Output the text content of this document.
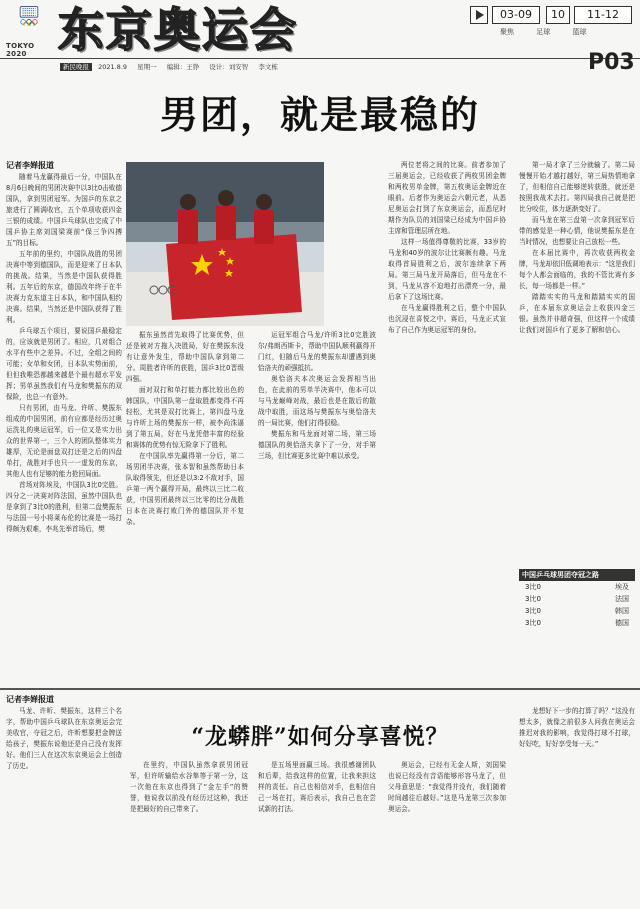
TOKYO 2020 东京奥运会	03-09	10	11-12
聚焦	足球	篮球
新民晚报 2021.8.9 星期一 编辑：王铮 设计：刘安智 李文栋	P03
男团，就是最稳的
记者李婵报道

随着马龙赢得最后一分，中国队在8月6日晚间的男团决赛中以3比0击败德国队，拿到男团冠军。为国乒的东京之旅进行了圆满收官，五个单项收获四金三银的成绩。中国乒乓球队也完成了中国乒协主席刘国梁赛前“保三争四搏五”的目标。

五年前的里约，中国队战胜的男团决赛中等到德国队，而是迎来了日本队的挑战。结果，当然是中国队获得胜利。五年后的东京，德国改年终于在半决赛力克东道主日本队，和中国队相约决赛。结果，当然还是中国队获得了胜利。

乒乓球五个项目，要说国乒最稳定的，应该就是男团了。相应，几对组合水平有些中之差异。不过，全组之间的可能；女单和女团，日本队实势面前，但但我唯恐都越来越是个最有超水平发挥；男单虽然我们有马龙和樊振东的双保险，也总一有意外。

只有男团，由马龙、许昕、樊振东组成的中国男团，前有应都是经历过奥运洗礼的奥运冠军，后一位又是实力出众的世界第一，三个人的团队整体实力雄厚，无论是面盘双打还是之后的四盘单打，战胜对手也只一一虚发的东京，其他人也有足够的能力抢回局面。

首场对阵埃及，中国队3比0完胜。四分之一决赛对阵法国，虽然中国队也是拿到了3比0的胜利，但第二盘樊振东与法国一号小将莱布伦的比赛是一场打得颇为艰难，李兆先举首场后，樊

振东虽然首先取得了比赛优势，但还是被对方拖入决胜局，好在樊振东没有让意外发生，帮助中国队拿到第二分。周胜者许昕的获胜，国乒3比0晋级四强。

面对双打和单打能力都比较出色的韩国队，中国队第一盘取胜都变得不再轻松，尤其是双打比赛上，第四盘马龙与许昕上场的樊振东一样，被李尚洙逼到了第五局，好在马龙凭借丰富的经验和赛体的优势有惊无险拿下了胜利。

在中国队率先赢得第一分后，第二场男团半决赛，张本智和虽然帮助日本队取得领先，但还是以3:2不敌对手，国乒第一两个赢得开局，最终以三比二收获，中国男团最终以三比零的比分战胜日本在决赛打败门外的德国队并不复杂。

运冠军组合马龙/许昕3比0完胜波尔/弗朗西斯卡，帮助中国队顺利赢得开门红，但随后马龙的樊振东却遭遇到奥恰洛夫的顽强抵抗。

奥恰洛夫本次奥运会发挥相当出色，在此前的男单半决赛中，他本可以与马龙巅峰对战，最后也是在散后的散战中取胜，而这场与樊振东与奥恰洛夫的一局比赛，他们打得很稳。

樊振东和马龙面对第二场，第三场德国队的奥恰洛夫拿下了一分，对手第三场，但比赛更多比赛中难以承受。

两位老将之间的比赛。前者参加了三届奥运会，已经收获了两枚男团金牌和两枚男单金牌，第五枚奥运金牌近在眼前。后者作为奥运会六朝元老，从悉尼奥运会打到了东京奥运会，而悉尼时期作为队员的刘国梁已经成为中国乒协主席和管理层所在地。

这样一场值得尊敬的比赛，33岁的马龙和40岁的波尔让比赛颇有趣。马龙取得首局胜利之后，波尔连续拿下两局。第三局马龙开局落后，但马龙在不到，马龙从容不迫地打出漂亮一分，最后拿下了这场比赛。

在马龙赢得胜利之后，整个中国队也沉浸在喜悦之中。赛后，马龙正式宣布了自己作为奥运冠军的身份。

第一局才拿了三分就输了。第二局慢慢开始才越打越好，第三局热情地拿了，但相信自己能够逆转获胜，就还是按照我战术去打。第四局我自己就是把比分咬住，体力逐渐变好了。

而马龙在第三盘第一次拿到冠军后带的感觉是一种心情，他说樊振东是在当时情况，也想要让自己放松一些。

在本届比赛中，再次收获两枚金牌，马龙却依旧低调地表示：“这是我们每个人都会面临的，我的不管比赛有多长，每一场都是一样。”

踏踏实实的马龙和踏踏实实的国乒，在本届东京奥运会上收获四金三银。虽然并非超奇强，但这样一个成绩让我们对国乒有了更多了解和信心。

中国乒乓球男团夺冠之路
3比0	埃及
3比0	法国
3比0	韩国
3比0	德国
记者李婵报道
“龙蟒胖”如何分享喜悦？

马龙、许昕、樊振东，这样三个名字，帮助中国乒乓球队在东京奥运会完美收官，夺冠之后，许昕想要把金牌送给孩子，樊振东说他还是自己没有发挥好。他们三人在这次东京奥运会上创造了历史。	在里约，中国队虽然拿获男团冠军，但许昕输给水谷隼等于第一分，这一次他在东京也得到了“金左手”的赞誉，他说我以前没有经历过这种，我还是把最好的自己带来了。

是五场里面赢三场。我很感谢团队和后辈，给我这样的位置，让我来担这样的责任。自己也相信对手，也相信自己一场在打，赛后表示，我自己也在尝试新的打法。

奥运会，已经有无金人斯，刘国梁也说已经没有音语能够形容马龙了，但父母意思是：“我觉得并没有，我们随着时间越往后越好。”这是马龙第三次参加奥运会。

龙想好下一步的打算了吗？“这没有想太多，就像之前很多人问我在奥运会推迟对我的影响，我觉得打球不打球，好好吃，好好享受每一天。”
